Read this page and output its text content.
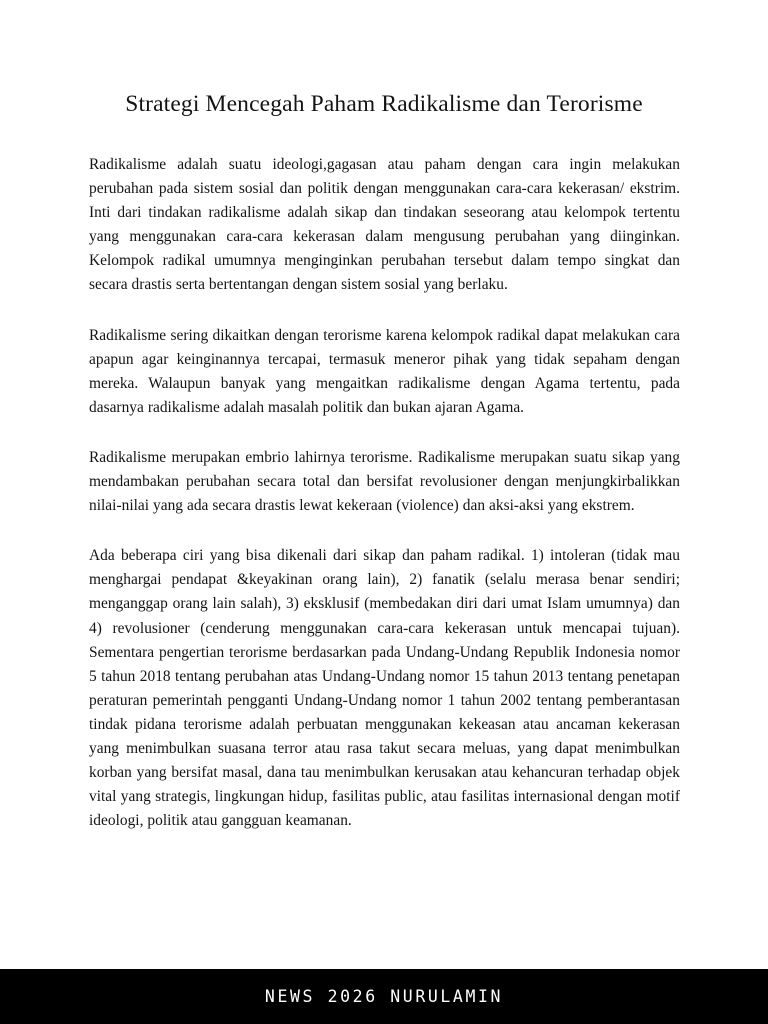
Strategi Mencegah Paham Radikalisme dan Terorisme

Radikalisme adalah suatu ideologi,gagasan atau paham dengan cara ingin melakukan perubahan pada sistem sosial dan politik dengan menggunakan cara-cara kekerasan/ ekstrim. Inti dari tindakan radikalisme adalah sikap dan tindakan seseorang atau kelompok tertentu yang menggunakan cara-cara kekerasan dalam mengusung perubahan yang diinginkan. Kelompok radikal umumnya menginginkan perubahan tersebut dalam tempo singkat dan secara drastis serta bertentangan dengan sistem sosial yang berlaku.

Radikalisme sering dikaitkan dengan terorisme karena kelompok radikal dapat melakukan cara apapun agar keinginannya tercapai, termasuk meneror pihak yang tidak sepaham dengan mereka. Walaupun banyak yang mengaitkan radikalisme dengan Agama tertentu, pada dasarnya radikalisme adalah masalah politik dan bukan ajaran Agama.

Radikalisme merupakan embrio lahirnya terorisme. Radikalisme merupakan suatu sikap yang mendambakan perubahan secara total dan bersifat revolusioner dengan menjungkirbalikkan nilai-nilai yang ada secara drastis lewat kekeraan (violence) dan aksi-aksi yang ekstrem.

Ada beberapa ciri yang bisa dikenali dari sikap dan paham radikal. 1) intoleran (tidak mau menghargai pendapat &keyakinan orang lain), 2) fanatik (selalu merasa benar sendiri; menganggap orang lain salah), 3) eksklusif (membedakan diri dari umat Islam umumnya) dan 4) revolusioner (cenderung menggunakan cara-cara kekerasan untuk mencapai tujuan). Sementara pengertian terorisme berdasarkan pada Undang-Undang Republik Indonesia nomor 5 tahun 2018 tentang perubahan atas Undang-Undang nomor 15 tahun 2013 tentang penetapan peraturan pemerintah pengganti Undang-Undang nomor 1 tahun 2002 tentang pemberantasan tindak pidana terorisme adalah perbuatan menggunakan kekeasan atau ancaman kekerasan yang menimbulkan suasana terror atau rasa takut secara meluas, yang dapat menimbulkan korban yang bersifat masal, dana tau menimbulkan kerusakan atau kehancuran terhadap objek vital yang strategis, lingkungan hidup, fasilitas public, atau fasilitas internasional dengan motif ideologi, politik atau gangguan keamanan.

NEWS 2026 NURULAMIN
